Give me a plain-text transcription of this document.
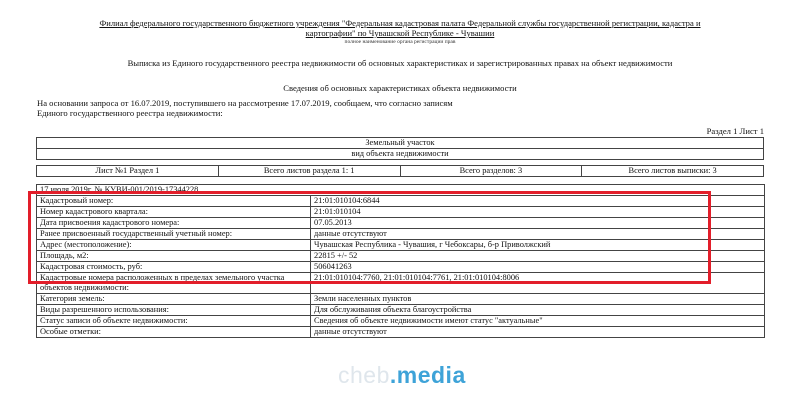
Филиал федерального государственного бюджетного учреждения "Федеральная кадастровая палата Федеральной службы государственной регистрации, кадастра и
картографии" по Чувашской Республике - Чувашии
полное наименование органа регистрации прав
Выписка из Единого государственного реестра недвижимости об основных характеристиках и зарегистрированных правах на объект недвижимости
Сведения об основных характеристиках объекта недвижимости
На основании запроса от 16.07.2019, поступившего на рассмотрение 17.07.2019, сообщаем, что согласно записям
Единого государственного реестра недвижимости:
Раздел 1 Лист 1
Земельный участок
вид объекта недвижимости
Лист №1 Раздел 1	Всего листов раздела 1: 1	Всего разделов: 3	Всего листов выписки: 3
17 июля 2019г. № КУВИ-001/2019-17344228	
Кадастровый номер:	21:01:010104:6844
Номер кадастрового квартала:	21:01:010104
Дата присвоения кадастрового номера:	07.05.2013
Ранее присвоенный государственный учетный номер:	данные отсутствуют
Адрес (местоположение):	Чувашская Республика - Чувашия, г Чебоксары, б-р Приволжский
Площадь, м2:	22815 +/- 52
Кадастровая стоимость, руб:	506041263
Кадастровые номера расположенных в пределах земельного участка объектов недвижимости:	21:01:010104:7760, 21:01:010104:7761, 21:01:010104:8006
Категория земель:	Земли населенных пунктов
Виды разрешенного использования:	Для обслуживания объекта благоустройства
Статус записи об объекте недвижимости:	Сведения об объекте недвижимости имеют статус "актуальные"
Особые отметки:	данные отсутствуют
cheb.media
